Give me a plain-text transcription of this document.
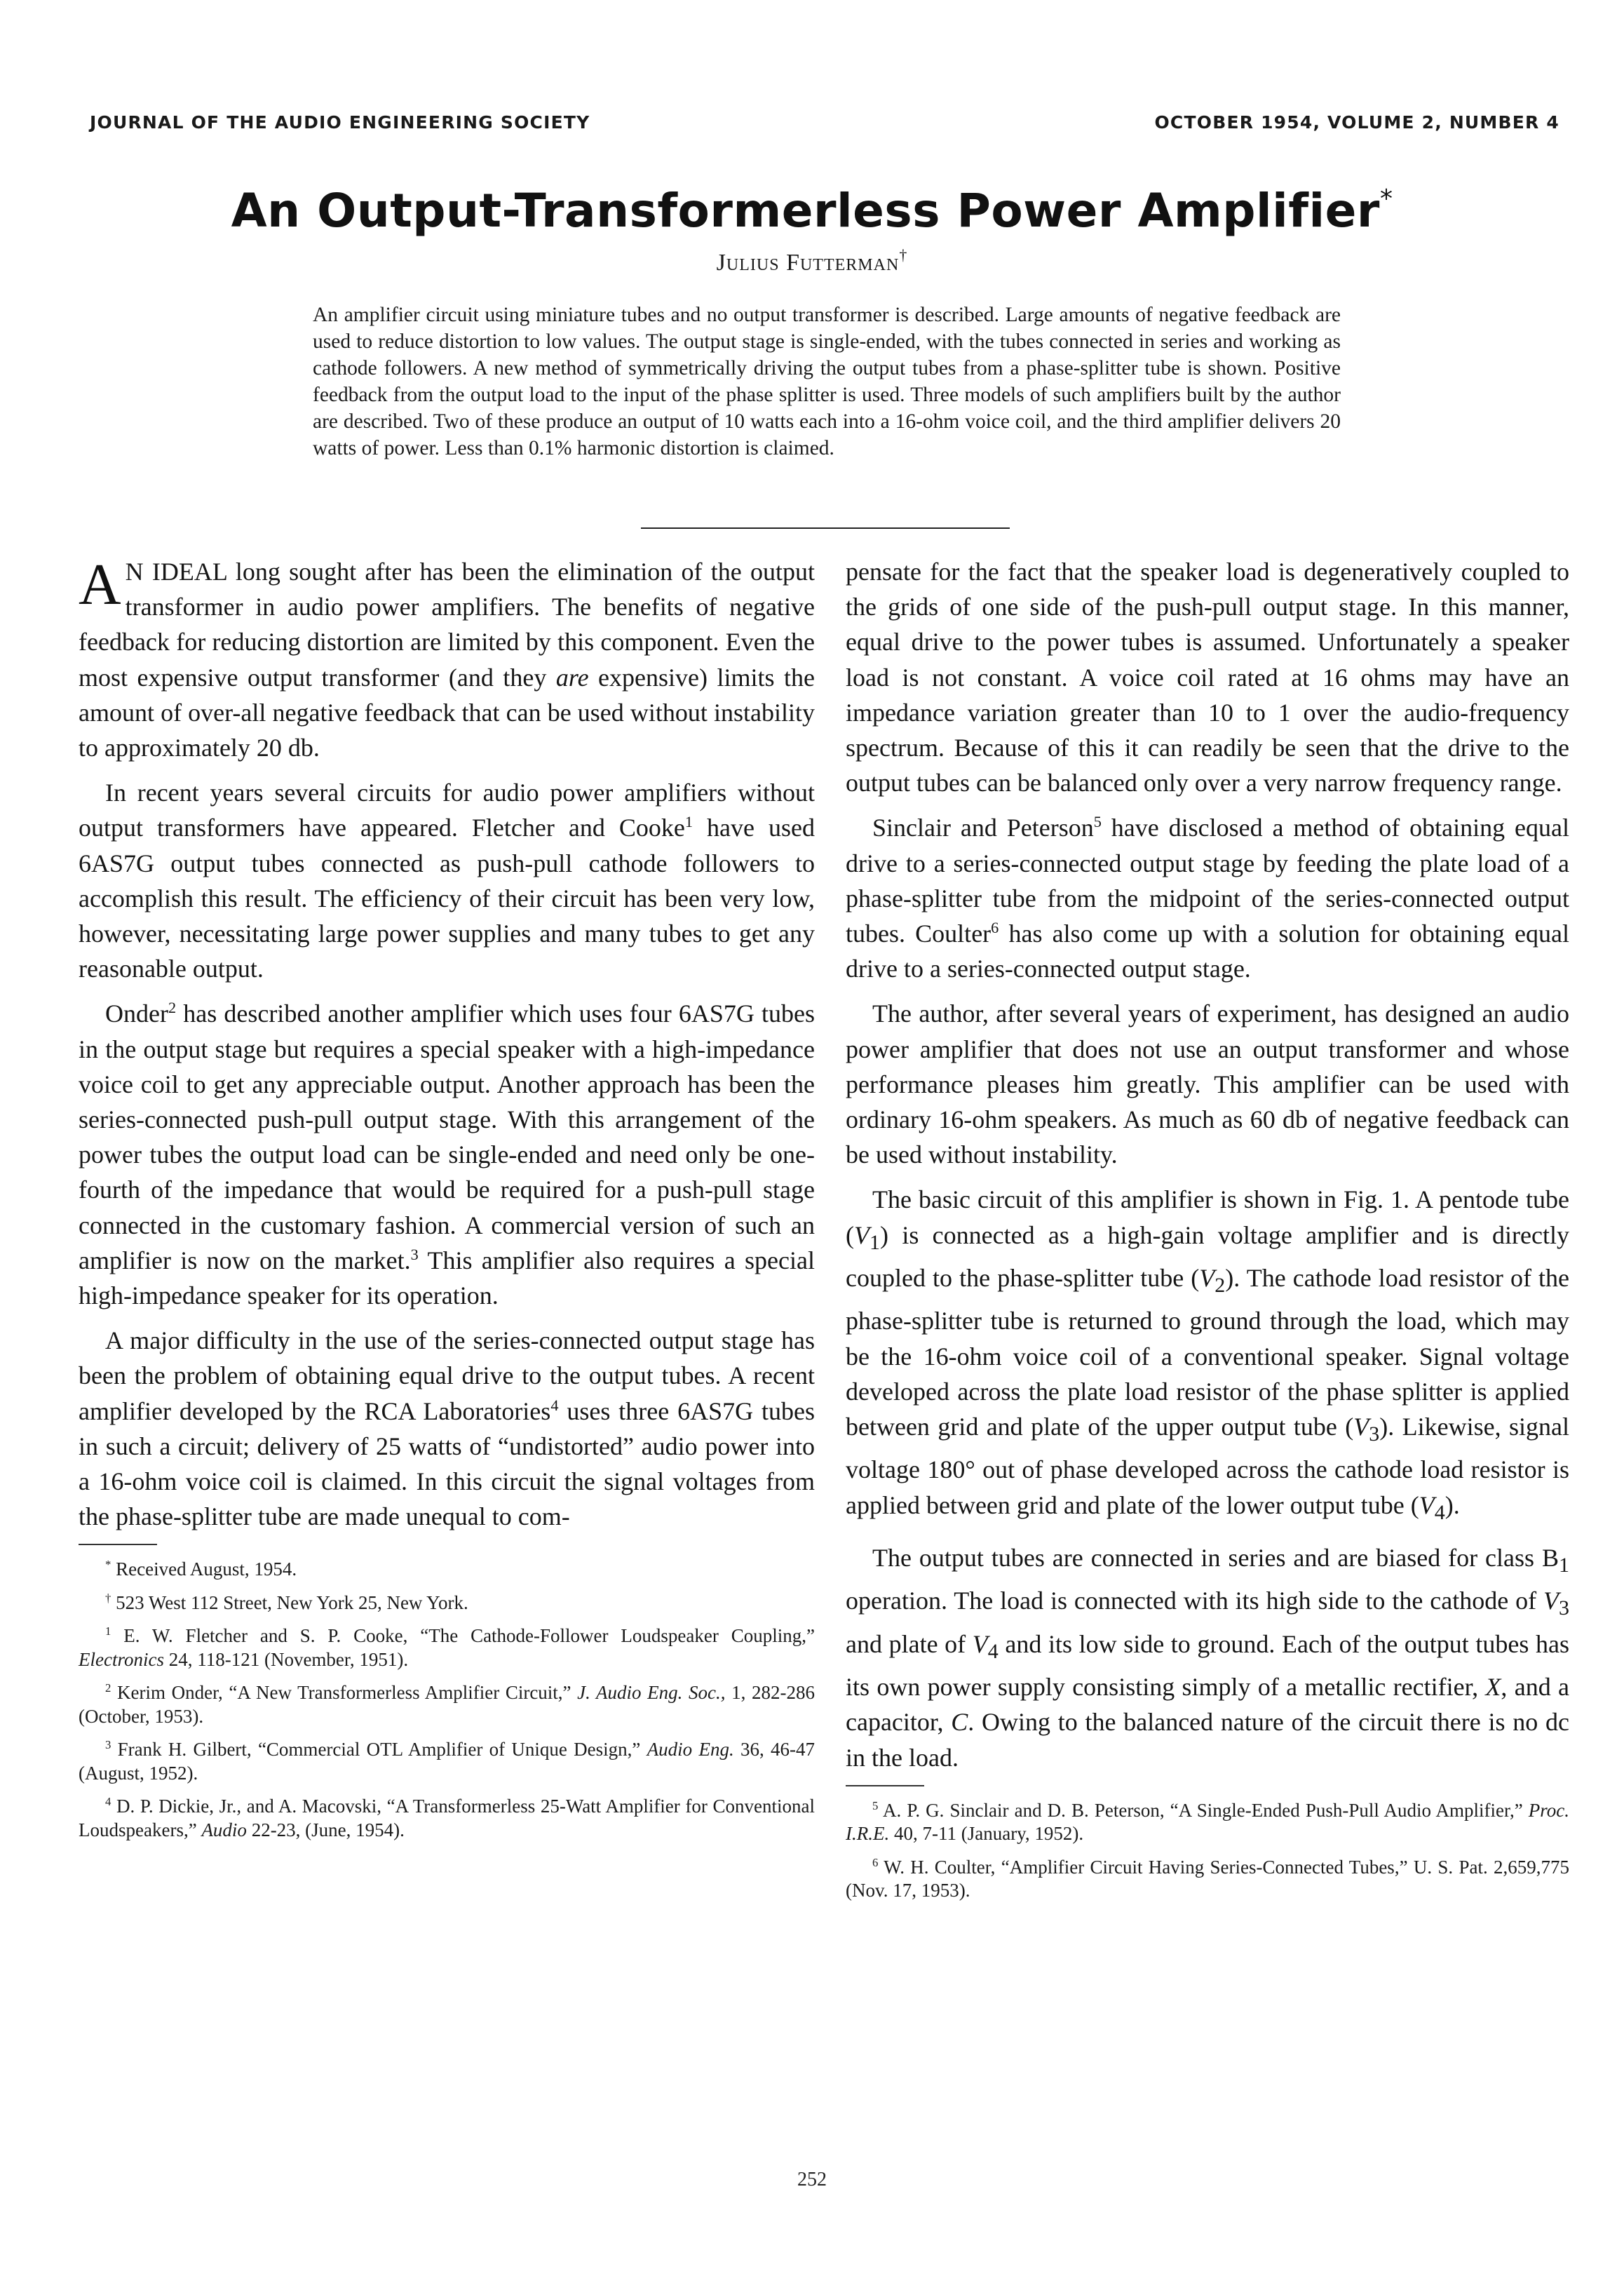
JOURNAL OF THE AUDIO ENGINEERING SOCIETY	OCTOBER 1954, VOLUME 2, NUMBER 4
An Output-Transformerless Power Amplifier*
Julius Futterman†
An amplifier circuit using miniature tubes and no output transformer is described. Large amounts of negative feedback are used to reduce distortion to low values. The output stage is single-ended, with the tubes connected in series and working as cathode followers. A new method of symmetrically driving the output tubes from a phase-splitter tube is shown. Positive feedback from the output load to the input of the phase splitter is used. Three models of such amplifiers built by the author are described. Two of these produce an output of 10 watts each into a 16-ohm voice coil, and the third amplifier delivers 20 watts of power. Less than 0.1% harmonic distortion is claimed.

A N IDEAL long sought after has been the elimination of the output transformer in audio power amplifiers. The benefits of negative feedback for reducing distortion are limited by this component. Even the most expensive output transformer (and they are expensive) limits the amount of over-all negative feedback that can be used without instability to approximately 20 db.

In recent years several circuits for audio power amplifiers without output transformers have appeared. Fletcher and Cooke$^1$ have used 6AS7G output tubes connected as push-pull cathode followers to accomplish this result. The efficiency of their circuit has been very low, however, necessitating large power supplies and many tubes to get any reasonable output.

Onder$^2$ has described another amplifier which uses four 6AS7G tubes in the output stage but requires a special speaker with a high-impedance voice coil to get any appreciable output. Another approach has been the series-connected push-pull output stage. With this arrangement of the power tubes the output load can be single-ended and need only be one-fourth of the impedance that would be required for a push-pull stage connected in the customary fashion. A commercial version of such an amplifier is now on the market.$^3$ This amplifier also requires a special high-impedance speaker for its operation.

A major difficulty in the use of the series-connected output stage has been the problem of obtaining equal drive to the output tubes. A recent amplifier developed by the RCA Laboratories$^4$ uses three 6AS7G tubes in such a circuit; delivery of 25 watts of “undistorted” audio power into a 16-ohm voice coil is claimed. In this circuit the signal voltages from the phase-splitter tube are made unequal to com-

* Received August, 1954.

† 523 West 112 Street, New York 25, New York.

$^1$ E. W. Fletcher and S. P. Cooke, “The Cathode-Follower Loudspeaker Coupling,” Electronics 24, 118-121 (November, 1951).

$^2$ Kerim Onder, “A New Transformerless Amplifier Circuit,” J. Audio Eng. Soc., 1, 282-286 (October, 1953).

$^3$ Frank H. Gilbert, “Commercial OTL Amplifier of Unique Design,” Audio Eng. 36, 46-47 (August, 1952).

$^4$ D. P. Dickie, Jr., and A. Macovski, “A Transformerless 25-Watt Amplifier for Conventional Loudspeakers,” Audio 22-23, (June, 1954).

pensate for the fact that the speaker load is degeneratively coupled to the grids of one side of the push-pull output stage. In this manner, equal drive to the power tubes is assumed. Unfortunately a speaker load is not constant. A voice coil rated at 16 ohms may have an impedance variation greater than 10 to 1 over the audio-frequency spectrum. Because of this it can readily be seen that the drive to the output tubes can be balanced only over a very narrow frequency range.

Sinclair and Peterson$^5$ have disclosed a method of obtaining equal drive to a series-connected output stage by feeding the plate load of a phase-splitter tube from the midpoint of the series-connected output tubes. Coulter$^6$ has also come up with a solution for obtaining equal drive to a series-connected output stage.

The author, after several years of experiment, has designed an audio power amplifier that does not use an output transformer and whose performance pleases him greatly. This amplifier can be used with ordinary 16-ohm speakers. As much as 60 db of negative feedback can be used without instability.

The basic circuit of this amplifier is shown in Fig. 1. A pentode tube $(V_1)$ is connected as a high-gain voltage amplifier and is directly coupled to the phase-splitter tube $(V_2)$. The cathode load resistor of the phase-splitter tube is returned to ground through the load, which may be the 16-ohm voice coil of a conventional speaker. Signal voltage developed across the plate load resistor of the phase splitter is applied between grid and plate of the upper output tube $(V_3)$. Likewise, signal voltage 180° out of phase developed across the cathode load resistor is applied between grid and plate of the lower output tube $(V_4)$.

The output tubes are connected in series and are biased for class $B_1$ operation. The load is connected with its high side to the cathode of $V_3$ and plate of $V_4$ and its low side to ground. Each of the output tubes has its own power supply consisting simply of a metallic rectifier, X, and a capacitor, C. Owing to the balanced nature of the circuit there is no dc in the load.

$^5$ A. P. G. Sinclair and D. B. Peterson, “A Single-Ended Push-Pull Audio Amplifier,” Proc. I.R.E. 40, 7-11 (January, 1952).

$^6$ W. H. Coulter, “Amplifier Circuit Having Series-Connected Tubes,” U. S. Pat. 2,659,775 (Nov. 17, 1953).

252
